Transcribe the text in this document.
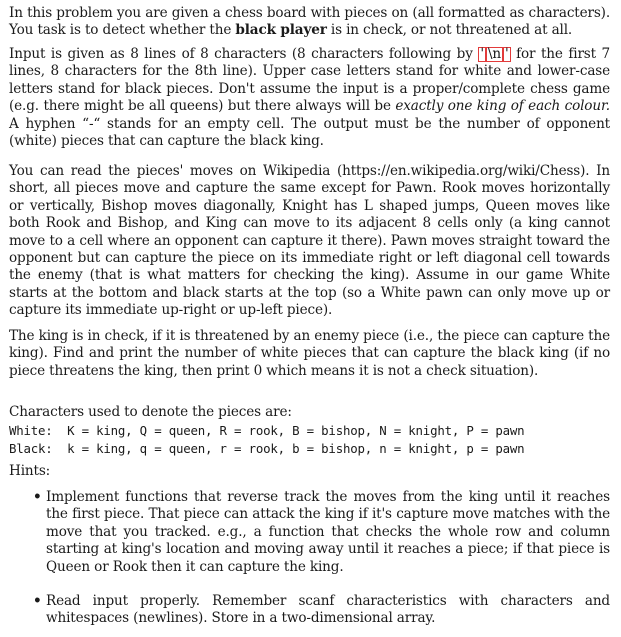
In this problem you are given a chess board with pieces on (all formatted as characters). You task is to detect whether the black player is in check, or not threatened at all.

Input is given as 8 lines of 8 characters (8 characters following by ' \n ' for the first 7 lines, 8 characters for the 8th line). Upper case letters stand for white and lower-case letters stand for black pieces. Don't assume the input is a proper/complete chess game (e.g. there might be all queens) but there always will be exactly one king of each colour. A hyphen “-“ stands for an empty cell. The output must be the number of opponent (white) pieces that can capture the black king.

You can read the pieces' moves on Wikipedia (https://en.wikipedia.org/wiki/Chess). In short, all pieces move and capture the same except for Pawn. Rook moves horizontally or vertically, Bishop moves diagonally, Knight has L shaped jumps, Queen moves like both Rook and Bishop, and King can move to its adjacent 8 cells only (a king cannot move to a cell where an opponent can capture it there). Pawn moves straight toward the opponent but can capture the piece on its immediate right or left diagonal cell towards the enemy (that is what matters for checking the king). Assume in our game White starts at the bottom and black starts at the top (so a White pawn can only move up or capture its immediate up-right or up-left piece).

The king is in check, if it is threatened by an enemy piece (i.e., the piece can capture the king). Find and print the number of white pieces that can capture the black king (if no piece threatens the king, then print 0 which means it is not a check situation).

Characters used to denote the pieces are:

White:  K = king, Q = queen, R = rook, B = bishop, N = knight, P = pawn
Black:  k = king, q = queen, r = rook, b = bishop, n = knight, p = pawn

Hints:

• Implement functions that reverse track the moves from the king until it reaches the first piece. That piece can attack the king if it's capture move matches with the move that you tracked. e.g., a function that checks the whole row and column starting at king's location and moving away until it reaches a piece; if that piece is Queen or Rook then it can capture the king.
• Read input properly. Remember scanf characteristics with characters and whitespaces (newlines). Store in a two-dimensional array.
